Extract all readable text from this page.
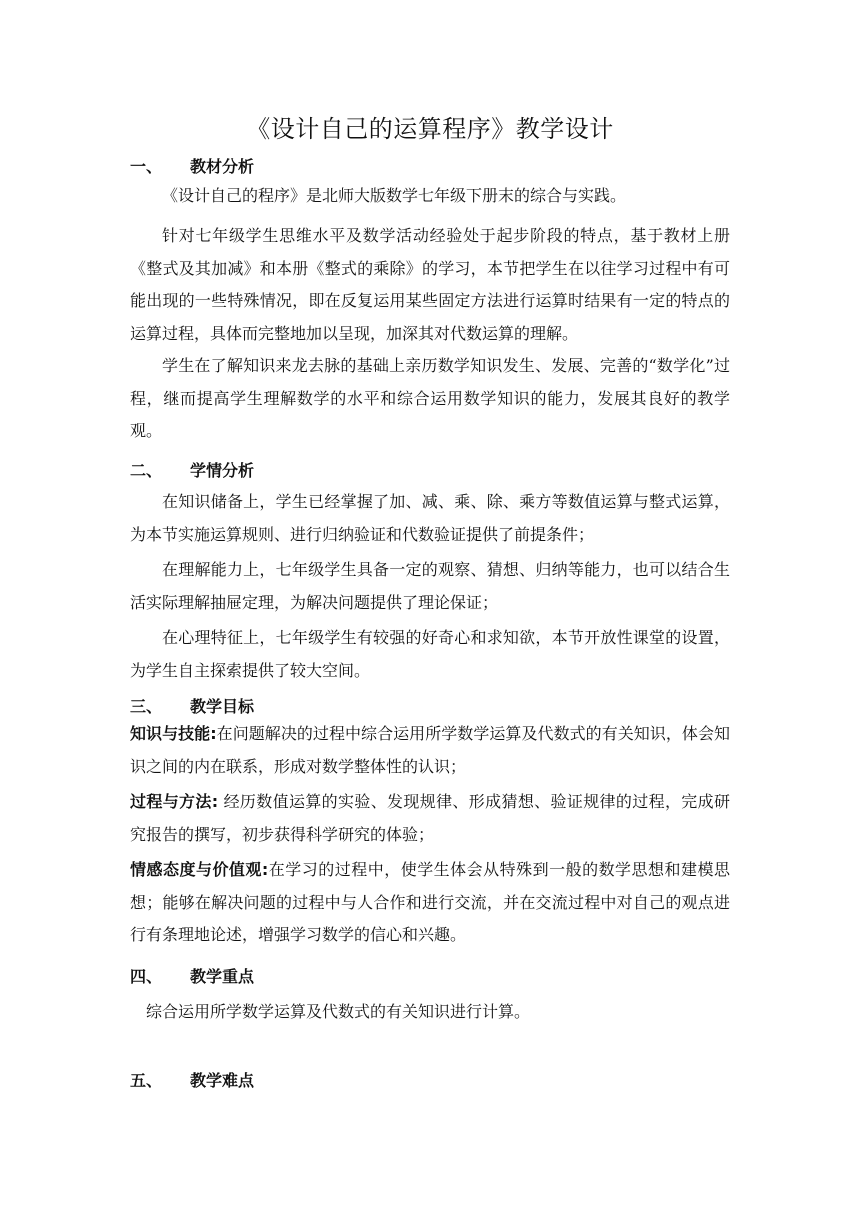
《设计自己的运算程序》教学设计
一、 教材分析

《设计自己的程序》是北师大版数学七年级下册末的综合与实践。

针对七年级学生思维水平及数学活动经验处于起步阶段的特点，基于教材上册《整式及其加减》和本册《整式的乘除》的学习，本节把学生在以往学习过程中有可能出现的一些特殊情况，即在反复运用某些固定方法进行运算时结果有一定的特点的运算过程，具体而完整地加以呈现，加深其对代数运算的理解。

学生在了解知识来龙去脉的基础上亲历数学知识发生、发展、完善的“数学化”过程，继而提高学生理解数学的水平和综合运用数学知识的能力，发展其良好的教学观。

二、 学情分析

在知识储备上，学生已经掌握了加、减、乘、除、乘方等数值运算与整式运算，为本节实施运算规则、进行归纳验证和代数验证提供了前提条件；

在理解能力上，七年级学生具备一定的观察、猜想、归纳等能力，也可以结合生活实际理解抽屉定理，为解决问题提供了理论保证；

在心理特征上，七年级学生有较强的好奇心和求知欲，本节开放性课堂的设置，为学生自主探索提供了较大空间。

三、 教学目标

知识与技能:在问题解决的过程中综合运用所学数学运算及代数式的有关知识，体会知识之间的内在联系，形成对数学整体性的认识；

过程与方法: 经历数值运算的实验、发现规律、形成猜想、验证规律的过程，完成研究报告的撰写，初步获得科学研究的体验；

情感态度与价值观:在学习的过程中，使学生体会从特殊到一般的数学思想和建模思想；能够在解决问题的过程中与人合作和进行交流，并在交流过程中对自己的观点进行有条理地论述，增强学习数学的信心和兴趣。

四、 教学重点

综合运用所学数学运算及代数式的有关知识进行计算。

五、 教学难点
